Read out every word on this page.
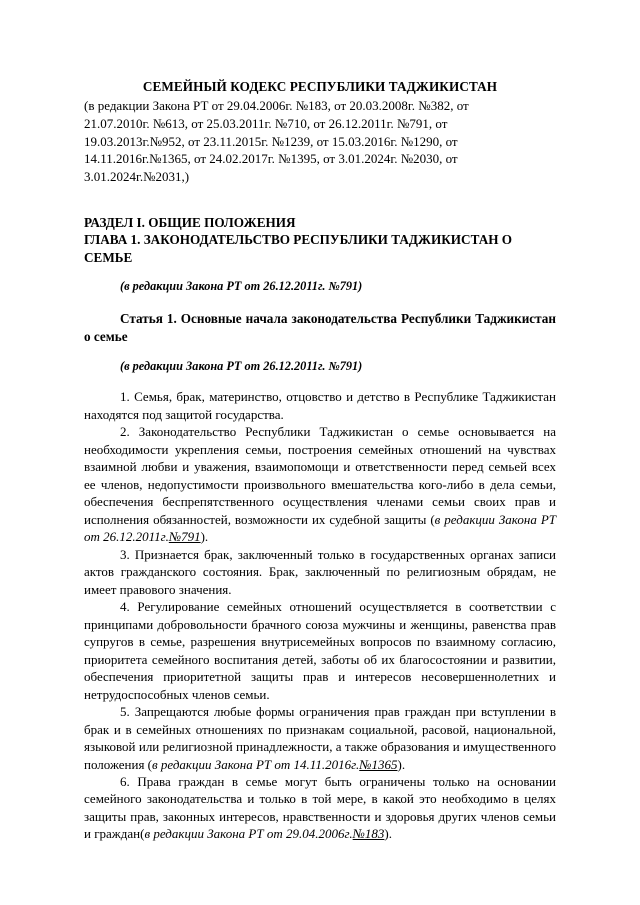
СЕМЕЙНЫЙ КОДЕКС РЕСПУБЛИКИ ТАДЖИКИСТАН
(в редакции Закона РТ от 29.04.2006г. №183, от 20.03.2008г. №382, от
21.07.2010г. №613, от 25.03.2011г. №710, от 26.12.2011г. №791, от
19.03.2013г.№952, от 23.11.2015г. №1239, от 15.03.2016г. №1290, от
14.11.2016г.№1365, от 24.02.2017г. №1395, от 3.01.2024г. №2030, от
3.01.2024г.№2031,)
РАЗДЕЛ I. ОБЩИЕ ПОЛОЖЕНИЯ
ГЛАВА 1. ЗАКОНОДАТЕЛЬСТВО РЕСПУБЛИКИ ТАДЖИКИСТАН О СЕМЬЕ
(в редакции Закона РТ от 26.12.2011г. №791)
Статья 1. Основные начала законодательства Республики Таджикистан о семье
(в редакции Закона РТ от 26.12.2011г. №791)

1. Семья, брак, материнство, отцовство и детство в Республике Таджикистан находятся под защитой государства.

2. Законодательство Республики Таджикистан о семье основывается на необходимости укрепления семьи, построения семейных отношений на чувствах взаимной любви и уважения, взаимопомощи и ответственности перед семьей всех ее членов, недопустимости произвольного вмешательства кого-либо в дела семьи, обеспечения беспрепятственного осуществления членами семьи своих прав и исполнения обязанностей, возможности их судебной защиты (в редакции Закона РТ от 26.12.2011г.№791).

3. Признается брак, заключенный только в государственных органах записи актов гражданского состояния. Брак, заключенный по религиозным обрядам, не имеет правового значения.

4. Регулирование семейных отношений осуществляется в соответствии с принципами добровольности брачного союза мужчины и женщины, равенства прав супругов в семье, разрешения внутрисемейных вопросов по взаимному согласию, приоритета семейного воспитания детей, заботы об их благосостоянии и развитии, обеспечения приоритетной защиты прав и интересов несовершеннолетних и нетрудоспособных членов семьи.

5. Запрещаются любые формы ограничения прав граждан при вступлении в брак и в семейных отношениях по признакам социальной, расовой, национальной, языковой или религиозной принадлежности, а также образования и имущественного положения (в редакции Закона РТ от 14.11.2016г.№1365).

6. Права граждан в семье могут быть ограничены только на основании семейного законодательства и только в той мере, в какой это необходимо в целях защиты прав, законных интересов, нравственности и здоровья других членов семьи и граждан(в редакции Закона РТ от 29.04.2006г.№183).
